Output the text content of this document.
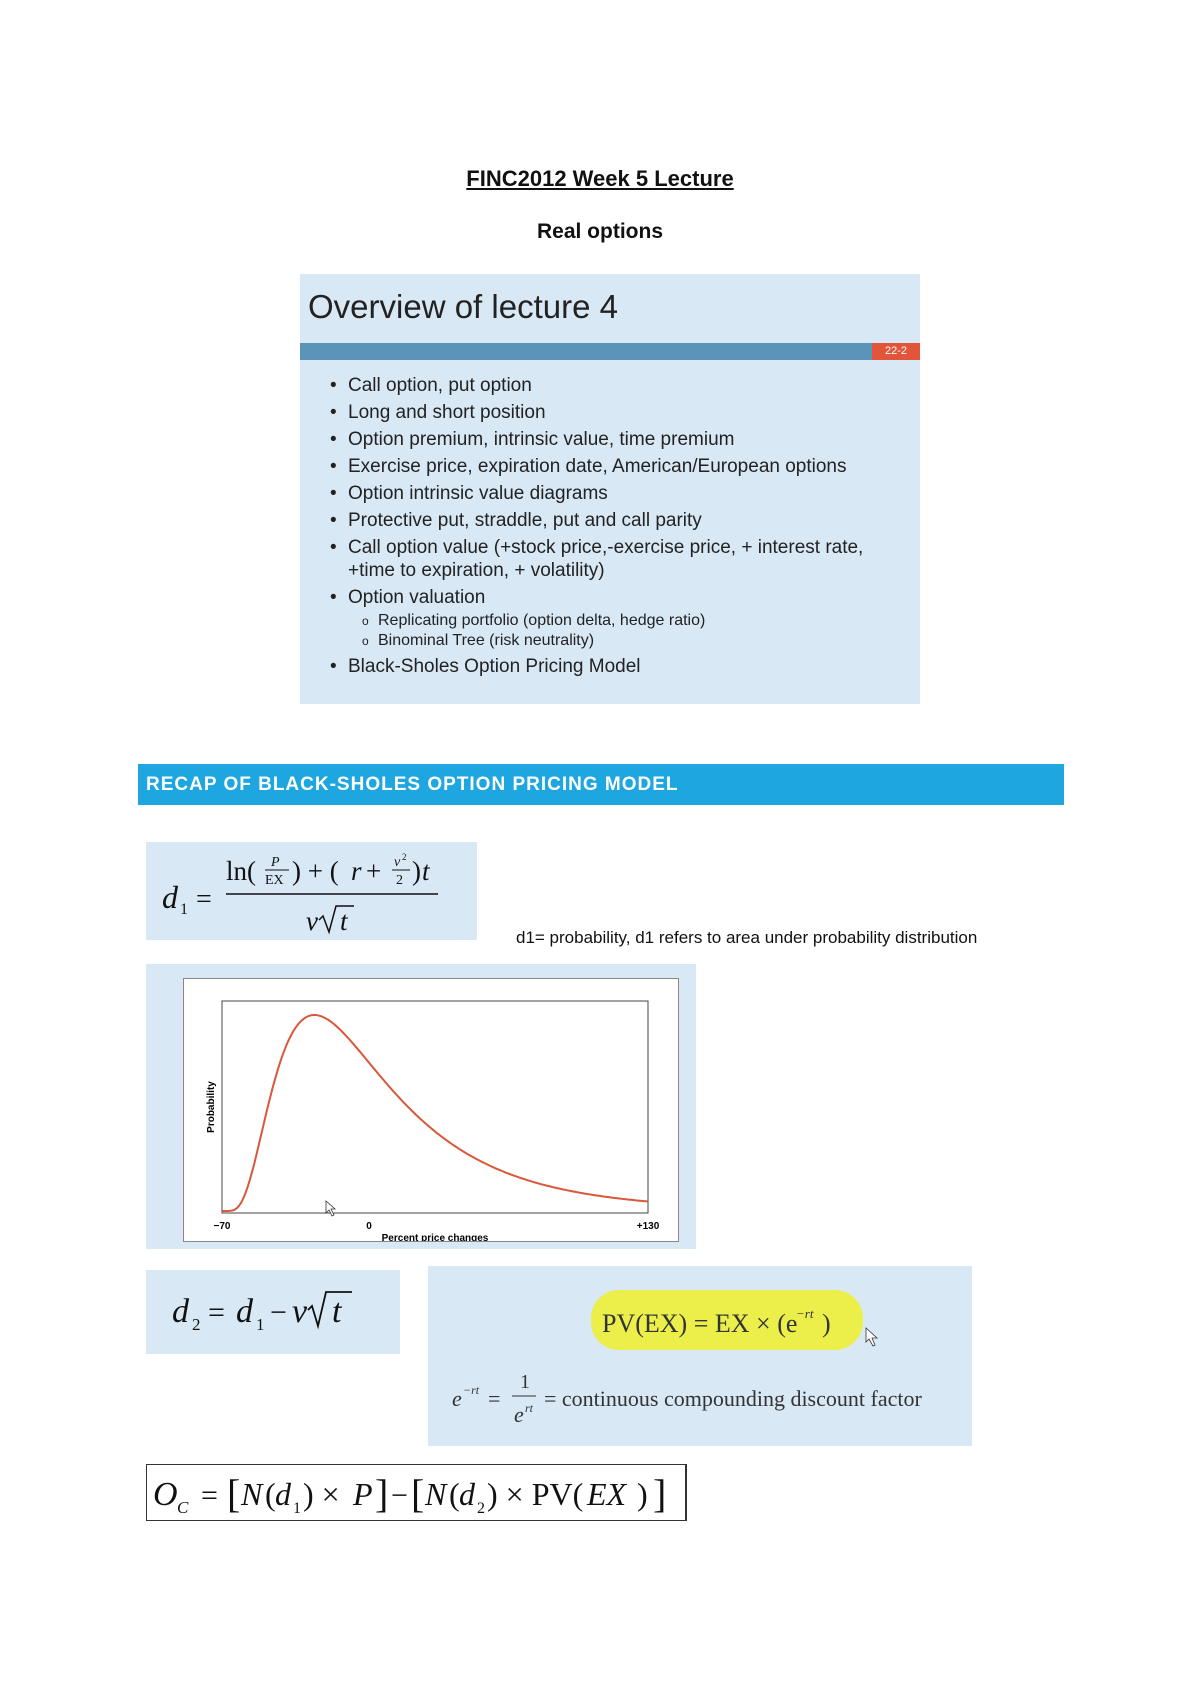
FINC2012 Week 5 Lecture
Real options
Overview of lecture 4
22-2
• Call option, put option
• Long and short position
• Option premium, intrinsic value, time premium
• Exercise price, expiration date, American/European options
• Option intrinsic value diagrams
• Protective put, straddle, put and call parity
• Call option value (+stock price,-exercise price, + interest rate, +time to expiration, + volatility)
• Option valuation
o Replicating portfolio (option delta, hedge ratio)
o Binominal Tree (risk neutrality)
• Black-Sholes Option Pricing Model
RECAP OF BLACK-SHOLES OPTION PRICING MODEL
d 1 =
ln( P
EX ) + ( r + v 2
2 ) t
v t
d1= probability, d1 refers to area under probability distribution
Probability
−70	0	+130
Percent price changes
d 2 = d 1 − v t	PV(EX) = EX × (e
−rt )
e −rt =
1
e rt = continuous compounding discount factor
O C = [ N ( d 1 ) × P ] − [ N ( d 2 ) × PV( EX ) ]
